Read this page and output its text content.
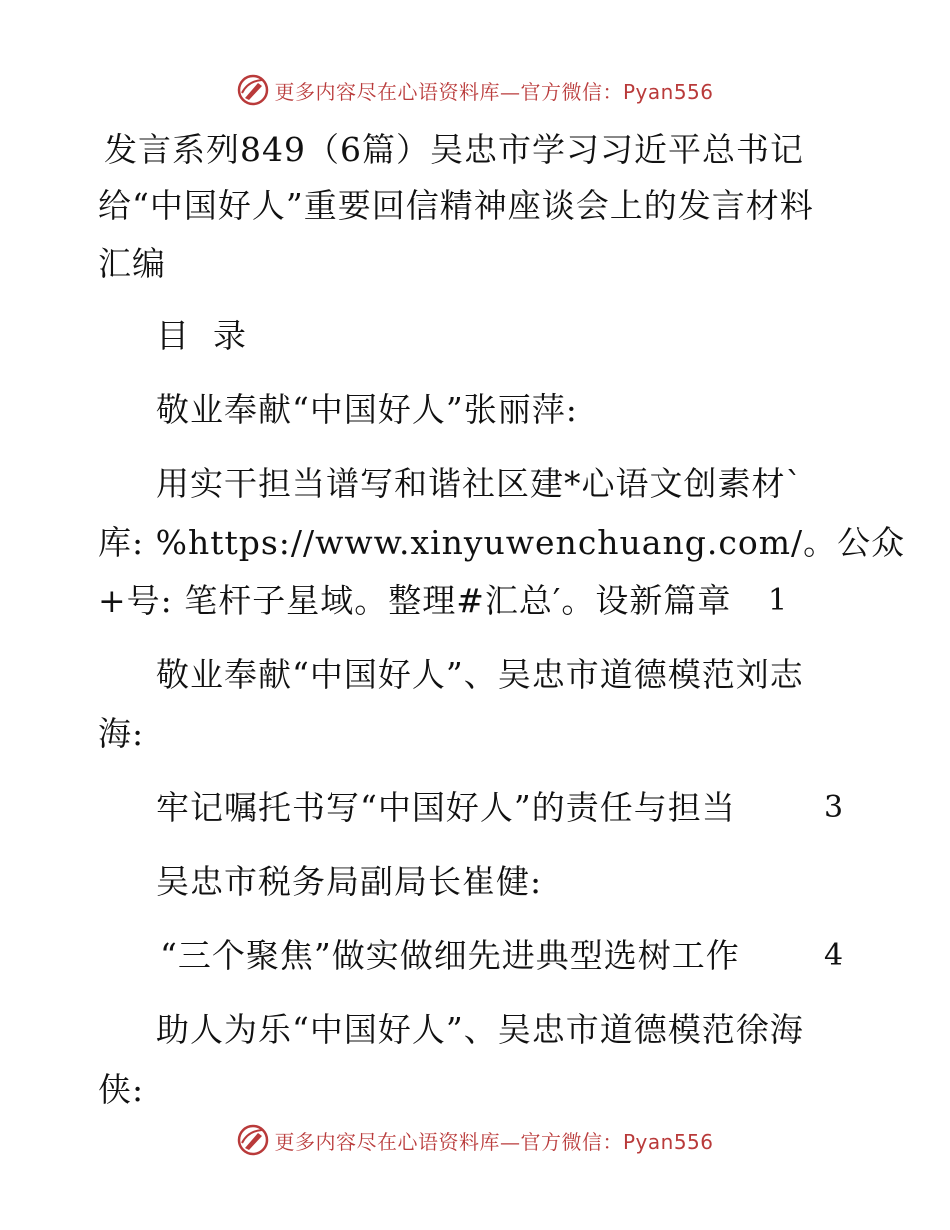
更多内容尽在心语资料库—官方微信：Pyan556
发言系列849（6篇）吴忠市学习习近平总书记
给“中国好人”重要回信精神座谈会上的发言材料
汇编
目  录
敬业奉献“中国好人”张丽萍:
用实干担当谱写和谐社区建*心语文创素材`
库: %https://www.xinyuwenchuang.com/。公众
+号: 笔杆子星域。整理#汇总′。设新篇章 1
敬业奉献“中国好人”、吴忠市道德模范刘志
海:
牢记嘱托书写“中国好人”的责任与担当	3
吴忠市税务局副局长崔健:
“三个聚焦”做实做细先进典型选树工作	4
助人为乐“中国好人”、吴忠市道德模范徐海
侠:
更多内容尽在心语资料库—官方微信：Pyan556
